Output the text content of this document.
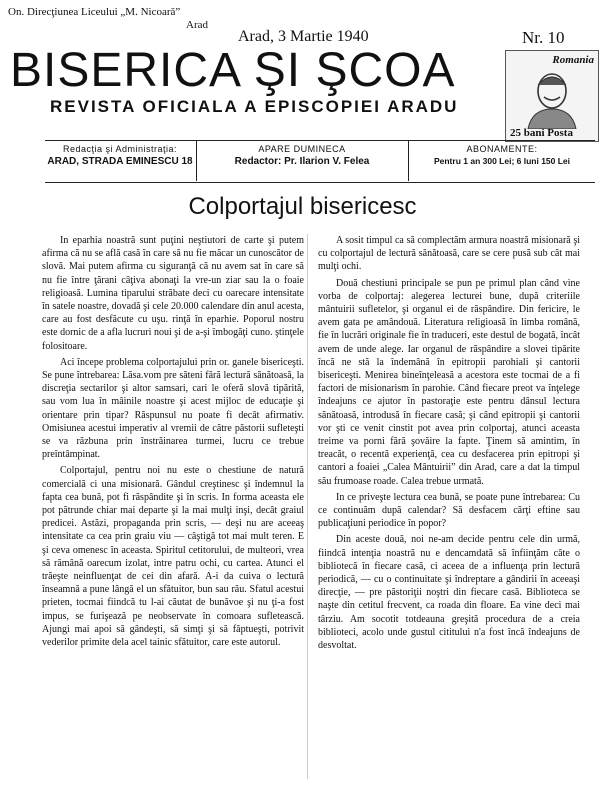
On. Direcţiunea Liceului „M. Nicoară”
Arad
Arad, 3 Martie 1940	Nr. 10
BISERICA ŞI ŞCOA
REVISTA OFICIALA A EPISCOPIEI ARADU
Romania
25 bani Posta
Redacţia şi Administraţia:
ARAD, STRADA EMINESCU 18
APARE DUMINECA
Redactor: Pr. Ilarion V. Felea
ABONAMENTE:
Pentru 1 an 300 Lei; 6 luni 150 Lei
Colportajul bisericesc

In eparhia noastră sunt puţini neştiutori de carte şi putem afirma că nu se află casă în care să nu fie măcar un cunoscător de slovă. Mai putem afirma cu siguranţă că nu avem sat în care să nu fie între ţărani câţiva abonaţi la vre-un ziar sau la o foaie religioasă. Lumina tiparului străbate deci cu oarecare intensitate în satele noastre, dovadă şi cele 20.000 calendare din anul acesta, care au fost desfăcute cu uşu. rinţă în eparhie. Poporul nostru este dornic de a afla lucruri noui şi de a-şi îmbogăţi cuno. ştinţele folositoare.

Aci începe problema colportajului prin or. ganele bisericeşti. Se pune întrebarea: Lăsa.vom pre săteni fără lectură sănătoasă, la discreţia sectarilor şi altor samsari, cari le oferă slovă tipărită, sau vom lua în mâinile noastre şi acest mijloc de educaţie şi orientare prin tipar? Răspunsul nu poate fi decât afirmativ. Omisiunea acestui imperativ al vremii de către păstorii sufleteşti se va răzbuna prin înstrăinarea turmei, lucru ce trebue preîntâmpinat.

Colportajul, pentru noi nu este o chestiune de natură comercială ci una misionară. Gândul creştinesc şi îndemnul la fapta cea bună, pot fi răspândite şi în scris. In forma aceasta ele pot pătrunde chiar mai departe şi la mai mulţi inşi, decât graiul predicei. Astăzi, propaganda prin scris, — deşi nu are aceeaş intensitate ca cea prin graiu viu — câştigă tot mai mult teren. E şi ceva omenesc în aceasta. Spiritul cetitorului, de multeori, vrea să rămână oarecum izolat, intre patru ochi, cu cartea. Atunci el trăeşte neinfluenţat de cei din afară. A-i da cuiva o lectură înseamnă a pune lângă el un sfătuitor, bun sau rău. Sfatul acestui prieten, tocmai fiindcă tu l-ai căutat de bunăvoe şi nu ţi-a fost impus, se furişează pe neobservate în comoara sufletească. Ajungi mai apoi să gândeşti, să simţi şi să făptueşti, potrivit vederilor primite dela acel tainic sfătuitor, care este autorul.

A sosit timpul ca să complectăm armura noastră misionară şi cu colportajul de lectură sănătoasă, care se cere pusă sub cât mai mulţi ochi.

Două chestiuni principale se pun pe primul plan când vine vorba de colportaj: alegerea lecturei bune, după criteriile mântuirii sufletelor, şi organul ei de răspândire. Din fericire, le avem gata pe amândouă. Literatura religioasă în limba română, fie în lucrări originale fie în traduceri, este destul de bogată, încât avem de unde alege. Iar organul de răspândire a slovei tipărite încă ne stă la îndemână în epitropii parohiali şi cantorii bisericeşti. Menirea bineînţeleasă a acestora este tocmai de a fi factori de misionarism în parohie. Când fiecare preot va înţelege îndeajuns ce ajutor în pastoraţie este pentru dânsul lectura sănătoasă, introdusă în fiecare casă; şi când epitropii şi cantorii vor şti ce venit cinstit pot avea prin colportaj, atunci aceasta treime va porni fără şovăire la fapte. Ţinem să amintim, în treacăt, o recentă experienţă, cea cu desfacerea prin epitropi şi cantori a foaiei „Calea Mântuirii” din Arad, care a dat la timpul său frumoase roade. Calea trebue urmată.

In ce priveşte lectura cea bună, se poate pune întrebarea: Cu ce continuăm după calendar? Să desfacem cărţi eftine sau publicaţiuni periodice în popor?

Din aceste două, noi ne-am decide pentru cele din urmă, fiindcă intenţia noastră nu e dencamdată să înfiinţăm câte o bibliotecă în fiecare casă, ci aceea de a influenţa prin lectură periodică, — cu o continuitate şi îndreptare a gândirii în aceeaşi direcţie, — pre păstoriţii noştri din fiecare casă. Biblioteca se naşte din cetitul frecvent, ca roada din floare. Ea vine deci mai târziu. Am socotit totdeauna greşită procedura de a creia biblioteci, acolo unde gustul cititului n'a fost încă îndeajuns de desvoltat.
